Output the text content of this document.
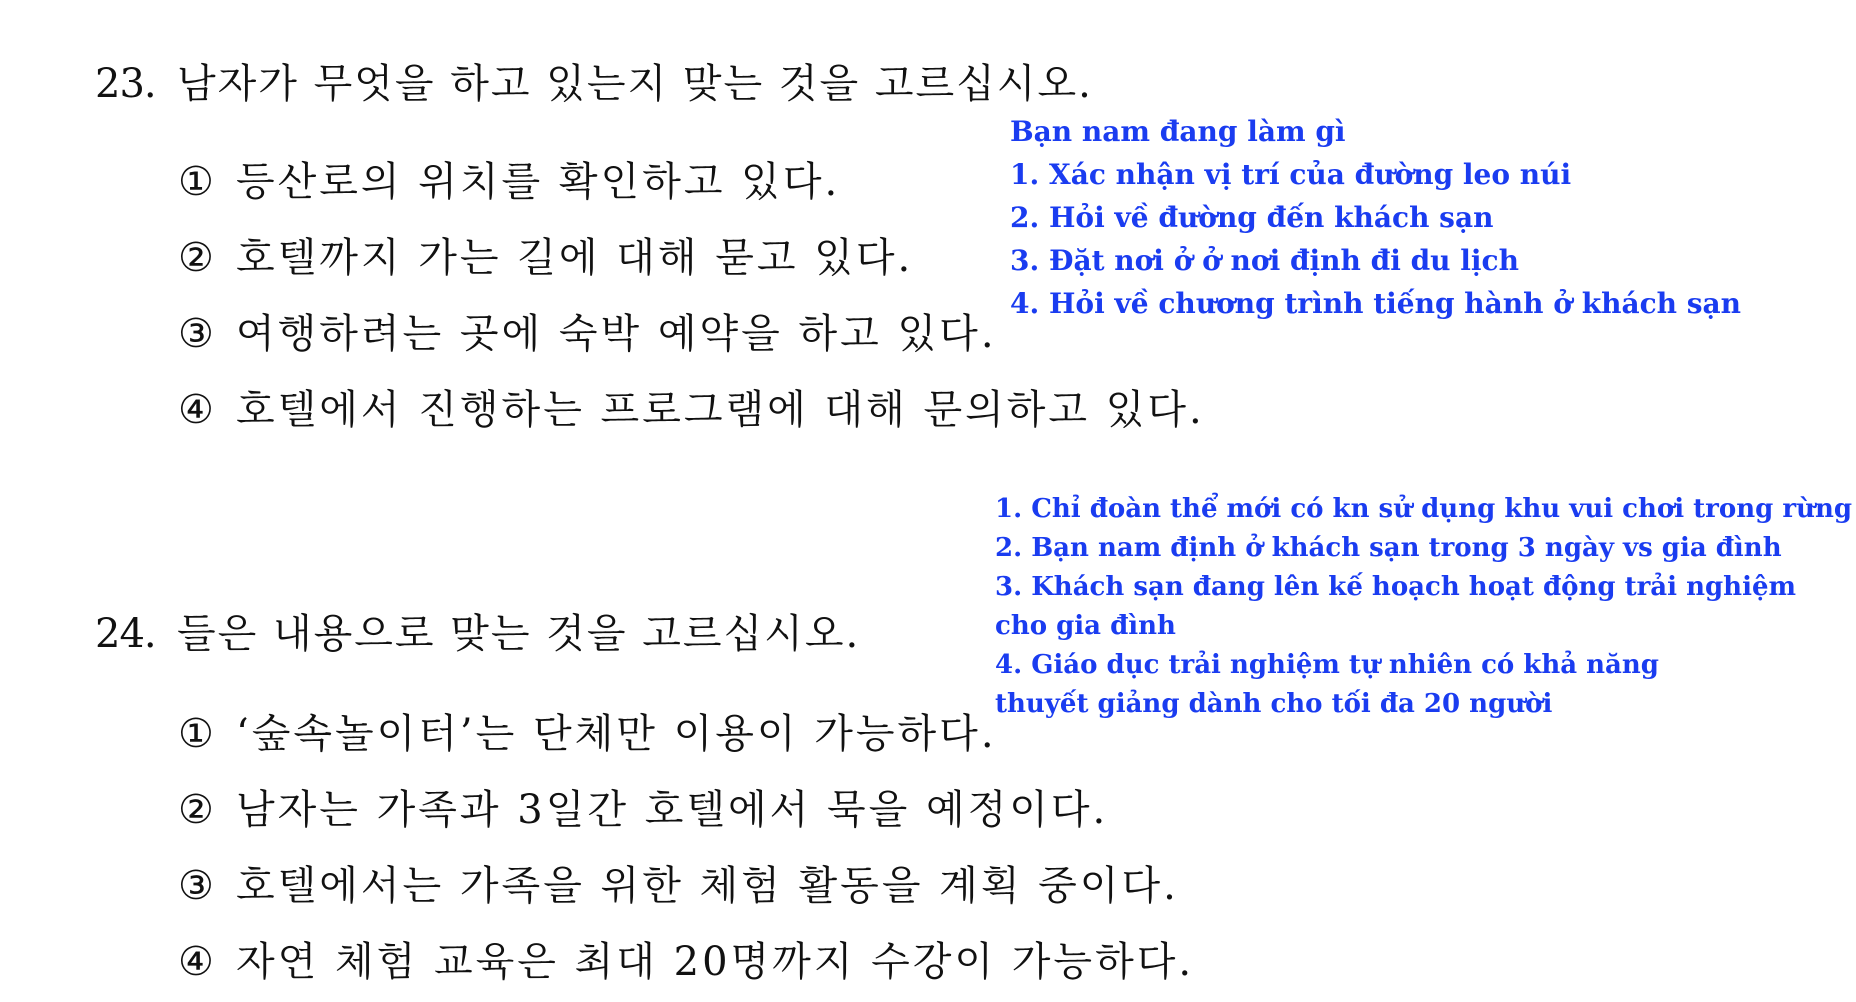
23. 남자가 무엇을 하고 있는지 맞는 것을 고르십시오.
① 등산로의 위치를 확인하고 있다.
② 호텔까지 가는 길에 대해 묻고 있다.
③ 여행하려는 곳에 숙박 예약을 하고 있다.
④ 호텔에서 진행하는 프로그램에 대해 문의하고 있다.
Bạn nam đang làm gì
1. Xác nhận vị trí của đường leo núi
2. Hỏi về đường đến khách sạn
3. Đặt nơi ở ở nơi định đi du lịch
4. Hỏi về chương trình tiếng hành ở khách sạn
1. Chỉ đoàn thể mới có kn sử dụng khu vui chơi trong rừng
2. Bạn nam định ở khách sạn trong 3 ngày vs gia đình
3. Khách sạn đang lên kế hoạch hoạt động trải nghiệm
cho gia đình
4. Giáo dục trải nghiệm tự nhiên có khả năng
thuyết giảng dành cho tối đa 20 người
24. 들은 내용으로 맞는 것을 고르십시오.
① ‘숲속놀이터’는 단체만 이용이 가능하다.
② 남자는 가족과 3일간 호텔에서 묵을 예정이다.
③ 호텔에서는 가족을 위한 체험 활동을 계획 중이다.
④ 자연 체험 교육은 최대 20명까지 수강이 가능하다.
